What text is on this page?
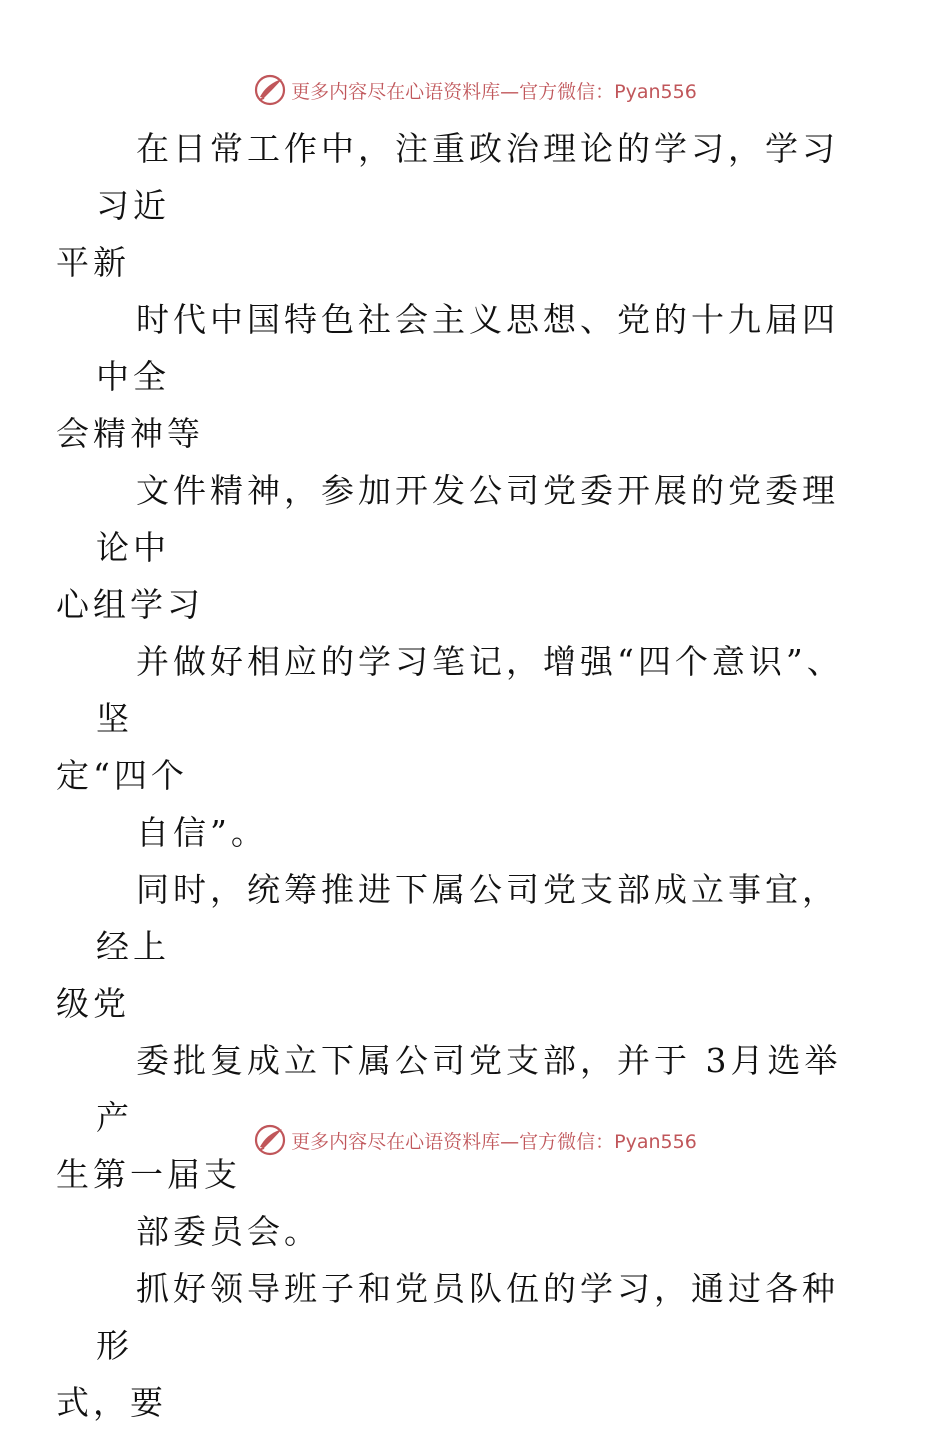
更多内容尽在心语资料库—官方微信：Pyan556

在日常工作中，注重政治理论的学习，学习习近
平新

时代中国特色社会主义思想、党的十九届四中全
会精神等

文件精神，参加开发公司党委开展的党委理论中
心组学习

并做好相应的学习笔记，增强“四个意识”、坚
定“四个

自信”。

同时，统筹推进下属公司党支部成立事宜，经上
级党

委批复成立下属公司党支部，并于 3月选举产
生第一届支

部委员会。

抓好领导班子和党员队伍的学习，通过各种形
式，要

更多内容尽在心语资料库—官方微信：Pyan556
